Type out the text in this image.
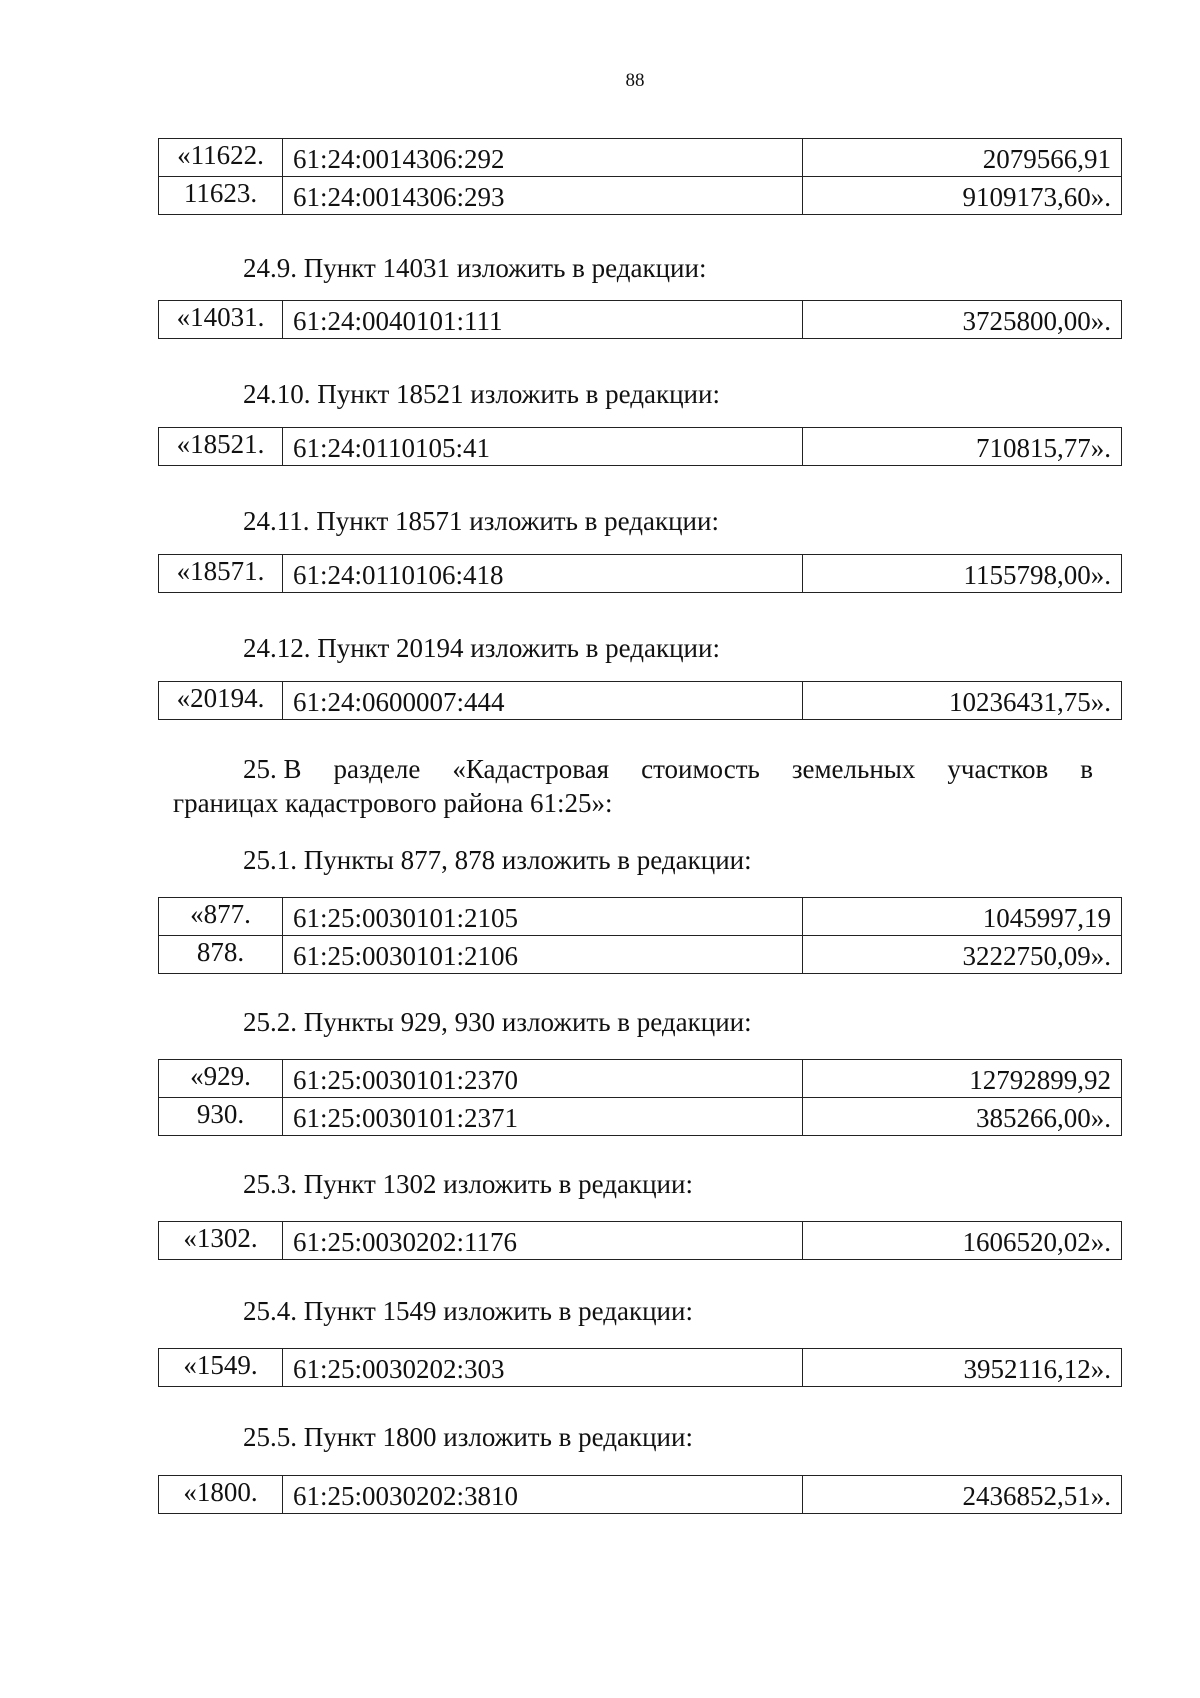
88
«11622.	61:24:0014306:292	2079566,91
11623.	61:24:0014306:293	9109173,60».
24.9. Пункт 14031 изложить в редакции:
«14031.	61:24:0040101:111	3725800,00».
24.10. Пункт 18521 изложить в редакции:
«18521.	61:24:0110105:41	710815,77».
24.11. Пункт 18571 изложить в редакции:
«18571.	61:24:0110106:418	1155798,00».
24.12. Пункт 20194 изложить в редакции:
«20194.	61:24:0600007:444	10236431,75».
25. В разделе «Кадастровая стоимость земельных участков в
границах кадастрового района 61:25»:
25.1. Пункты 877, 878 изложить в редакции:
«877.	61:25:0030101:2105	1045997,19
878.	61:25:0030101:2106	3222750,09».
25.2. Пункты 929, 930 изложить в редакции:
«929.	61:25:0030101:2370	12792899,92
930.	61:25:0030101:2371	385266,00».
25.3. Пункт 1302 изложить в редакции:
«1302.	61:25:0030202:1176	1606520,02».
25.4. Пункт 1549 изложить в редакции:
«1549.	61:25:0030202:303	3952116,12».
25.5. Пункт 1800 изложить в редакции:
«1800.	61:25:0030202:3810	2436852,51».
